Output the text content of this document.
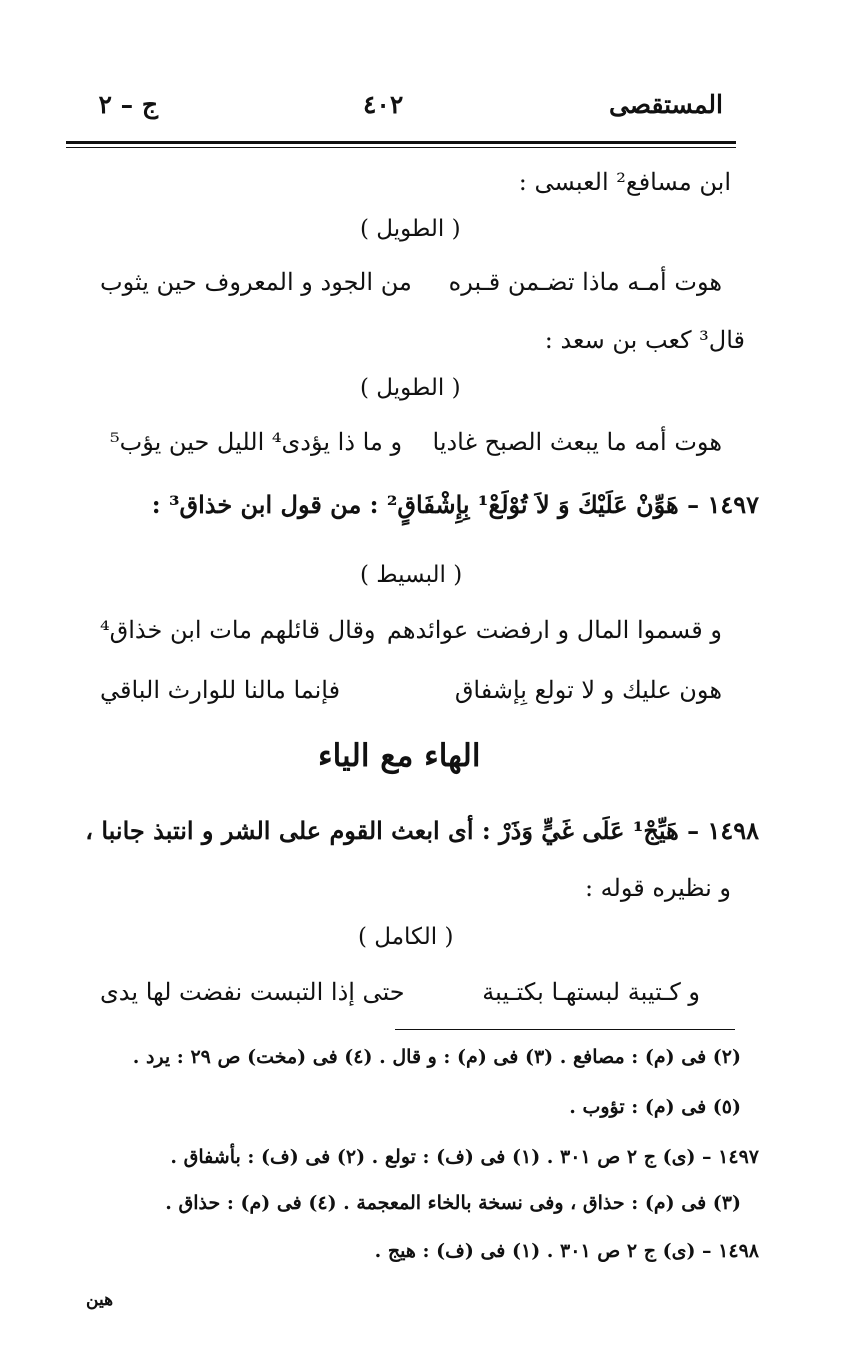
المستقصى
٤٠٢
ج – ٢
ابن مسافع² العبسى :
( الطويل )
هوت أمـه ماذا تضـمن قـبره
من الجود و المعروف حين يثوب
قال³ كعب بن سعد :
( الطويل )
هوت أمه ما يبعث الصبح غاديا
و ما ذا يؤدى⁴ الليل حين يؤب⁵
١٤٩٧ – هَوِّنْ عَلَيْكَ وَ لاَ تُوْلَعْ¹ بِإِشْفَاقٍ² : من قول ابن خذاق³ :
( البسيط )
و قسموا المال و ارفضت عوائدهم
وقال قائلهم مات ابن خذاق⁴
هون عليك و لا تولع بِإشفاق
فإنما مالنا للوارث الباقي
الهاء مع الياء
١٤٩٨ – هَيِّجْ¹ عَلَى غَيٍّ وَذَرْ : أى ابعث القوم على الشر و انتبذ جانبا ،
و نظيره قوله :
( الكامل )
و كـتيبة لبستهـا بكتـيبة
حتى إذا التبست نفضت لها يدى
(٢) فى (م) : مصافع . (٣) فى (م) : و قال . (٤) فى (مخت) ص ٢٩ : يرد .
(٥) فى (م) : تؤوب .
١٤٩٧ – (ى) ج ٢ ص ٣٠١ . (١) فى (ف) : تولع . (٢) فى (ف) : بأشفاق .
(٣) فى (م) : حذاق ، وفى نسخة بالخاء المعجمة . (٤) فى (م) : حذاق .
١٤٩٨ – (ى) ج ٢ ص ٣٠١ . (١) فى (ف) : هيج .
هين
